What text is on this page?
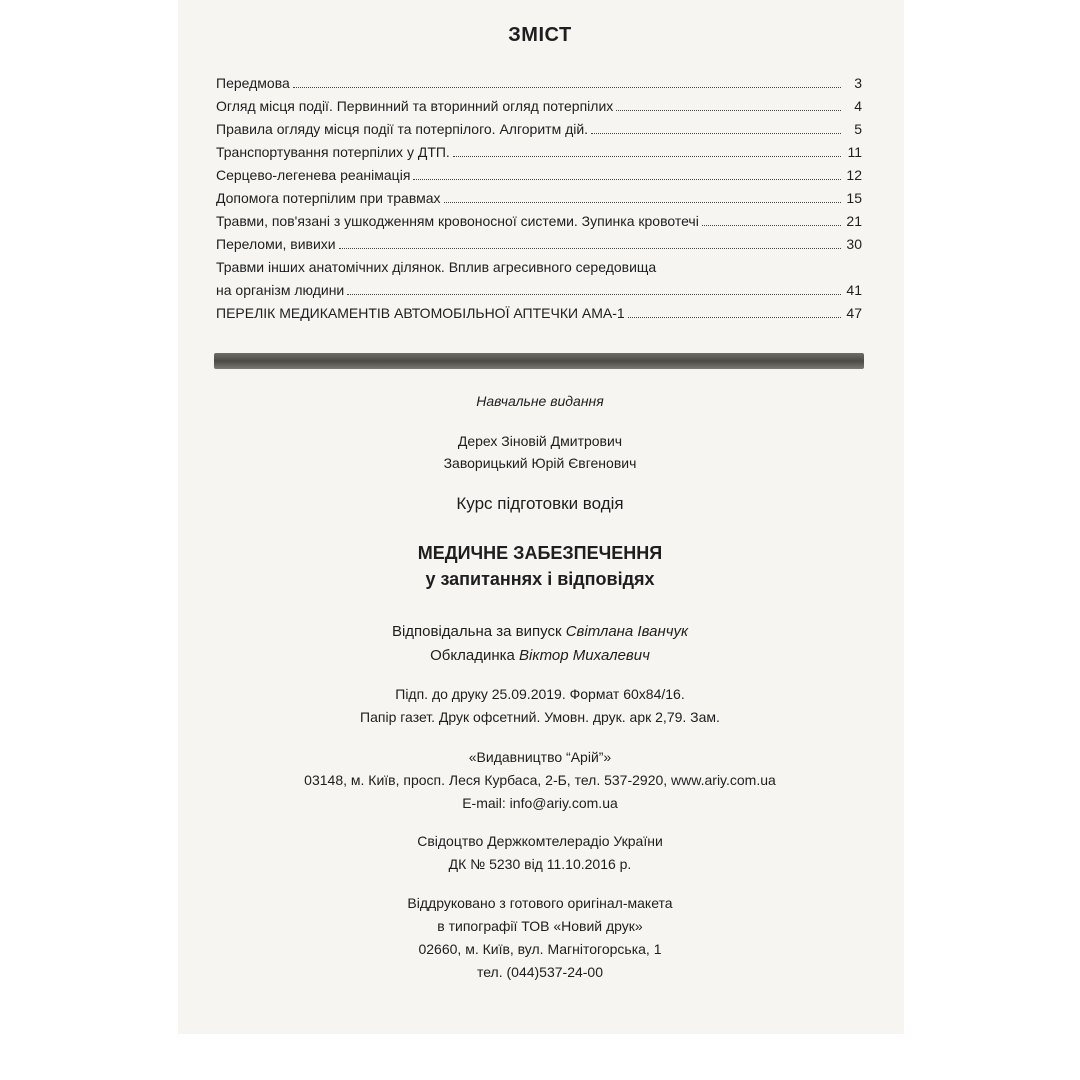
ЗМІСТ
Передмова	3
Огляд місця події. Первинний та вторинний огляд потерпілих	4
Правила огляду місця події та потерпілого. Алгоритм дій.	5
Транспортування потерпілих у ДТП.	11
Серцево-легенева реанімація	12
Допомога потерпілим при травмах	15
Травми, пов'язані з ушкодженням кровоносної системи. Зупинка кровотечі	21
Переломи, вивихи	30
Травми інших анатомічних ділянок. Вплив агресивного середовища
на організм людини	41
ПЕРЕЛІК МЕДИКАМЕНТІВ АВТОМОБІЛЬНОЇ АПТЕЧКИ АМА-1	47
Навчальне видання
Дерех Зіновій Дмитрович
Заворицький Юрій Євгенович
Курс підготовки водія
МЕДИЧНЕ ЗАБЕЗПЕЧЕННЯ
у запитаннях і відповідях
Відповідальна за випуск Світлана Іванчук
Обкладинка Віктор Михалевич
Підп. до друку 25.09.2019. Формат 60х84/16.
Папір газет. Друк офсетний. Умовн. друк. арк 2,79. Зам.
«Видавництво “Арій”»
03148, м. Київ, просп. Леся Курбаса, 2-Б, тел. 537-2920, www.ariy.com.ua
E-mail: info@ariy.com.ua
Свідоцтво Держкомтелерадіо України
ДК № 5230 від 11.10.2016 р.
Віддруковано з готового оригінал-макета
в типографії ТОВ «Новий друк»
02660, м. Київ, вул. Магнітогорська, 1
тел. (044)537-24-00
